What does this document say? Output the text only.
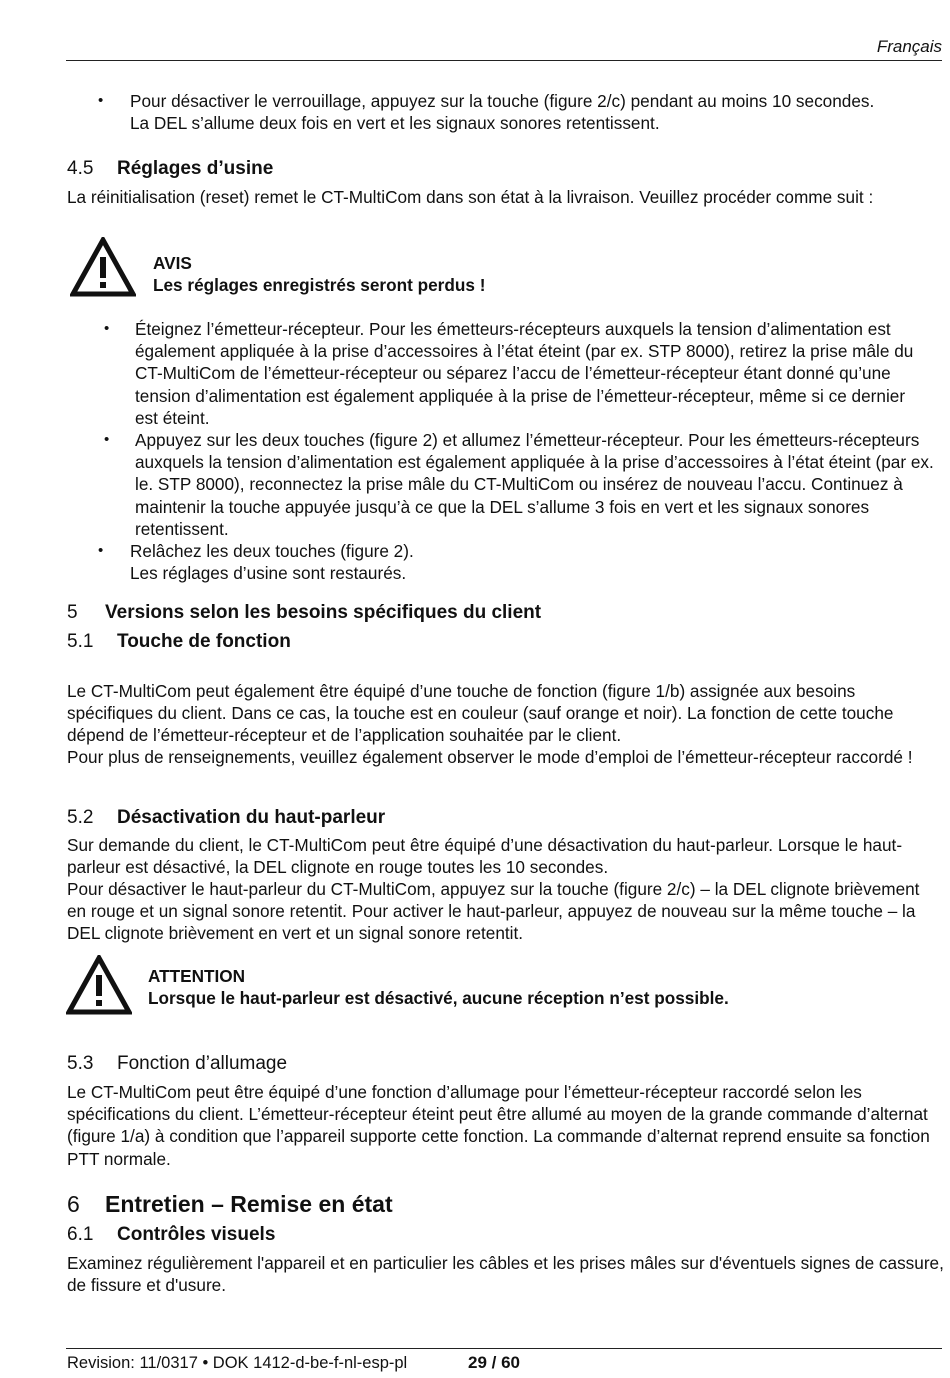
Français
• Pour désactiver le verrouillage, appuyez sur la touche (figure 2/c) pendant au moins 10 secondes. La DEL s’allume deux fois en vert et les signaux sonores retentissent.

4.5 Réglages d’usine

La réinitialisation (reset) remet le CT-MultiCom dans son état à la livraison. Veuillez procéder comme suit :

AVIS
Les réglages enregistrés seront perdus !
• Éteignez l’émetteur-récepteur. Pour les émetteurs-récepteurs auxquels la tension d’alimentation est également appliquée à la prise d’accessoires à l’état éteint (par ex. STP 8000), retirez la prise mâle du CT-MultiCom de l’émetteur-récepteur ou séparez l’accu de l’émetteur-récepteur étant donné qu’une tension d’alimentation est également appliquée à la prise de l’émetteur-récepteur, même si ce dernier est éteint.

• Appuyez sur les deux touches (figure 2) et allumez l’émetteur-récepteur. Pour les émetteurs-récepteurs auxquels la tension d’alimentation est également appliquée à la prise d’accessoires à l’état éteint (par ex. le. STP 8000), reconnectez la prise mâle du CT-MultiCom ou insérez de nouveau l’accu. Continuez à maintenir la touche appuyée jusqu’à ce que la DEL s’allume 3 fois en vert et les signaux sonores retentissent.

• Relâchez les deux touches (figure 2).

Les réglages d’usine sont restaurés.

5 Versions selon les besoins spécifiques du client
5.1 Touche de fonction

Le CT-MultiCom peut également être équipé d’une touche de fonction (figure 1/b) assignée aux besoins spécifiques du client. Dans ce cas, la touche est en couleur (sauf orange et noir). La fonction de cette touche dépend de l’émetteur-récepteur et de l’application souhaitée par le client.

Pour plus de renseignements, veuillez également observer le mode d’emploi de l’émetteur-récepteur raccordé !

5.2 Désactivation du haut-parleur

Sur demande du client, le CT-MultiCom peut être équipé d’une désactivation du haut-parleur. Lorsque le haut-parleur est désactivé, la DEL clignote en rouge toutes les 10 secondes.

Pour désactiver le haut-parleur du CT-MultiCom, appuyez sur la touche (figure 2/c) – la DEL clignote brièvement en rouge et un signal sonore retentit. Pour activer le haut-parleur, appuyez de nouveau sur la même touche – la DEL clignote brièvement en vert et un signal sonore retentit.

ATTENTION
Lorsque le haut-parleur est désactivé, aucune réception n’est possible.
5.3 Fonction d’allumage

Le CT-MultiCom peut être équipé d’une fonction d’allumage pour l’émetteur-récepteur raccordé selon les spécifications du client. L’émetteur-récepteur éteint peut être allumé au moyen de la grande commande d’alternat (figure 1/a) à condition que l’appareil supporte cette fonction. La commande d’alternat reprend ensuite sa fonction PTT normale.

6 Entretien – Remise en état
6.1 Contrôles visuels

Examinez régulièrement l'appareil et en particulier les câbles et les prises mâles sur d'éventuels signes de cassure, de fissure et d'usure.

Revision: 11/0317 • DOK 1412-d-be-f-nl-esp-pl	29 / 60
